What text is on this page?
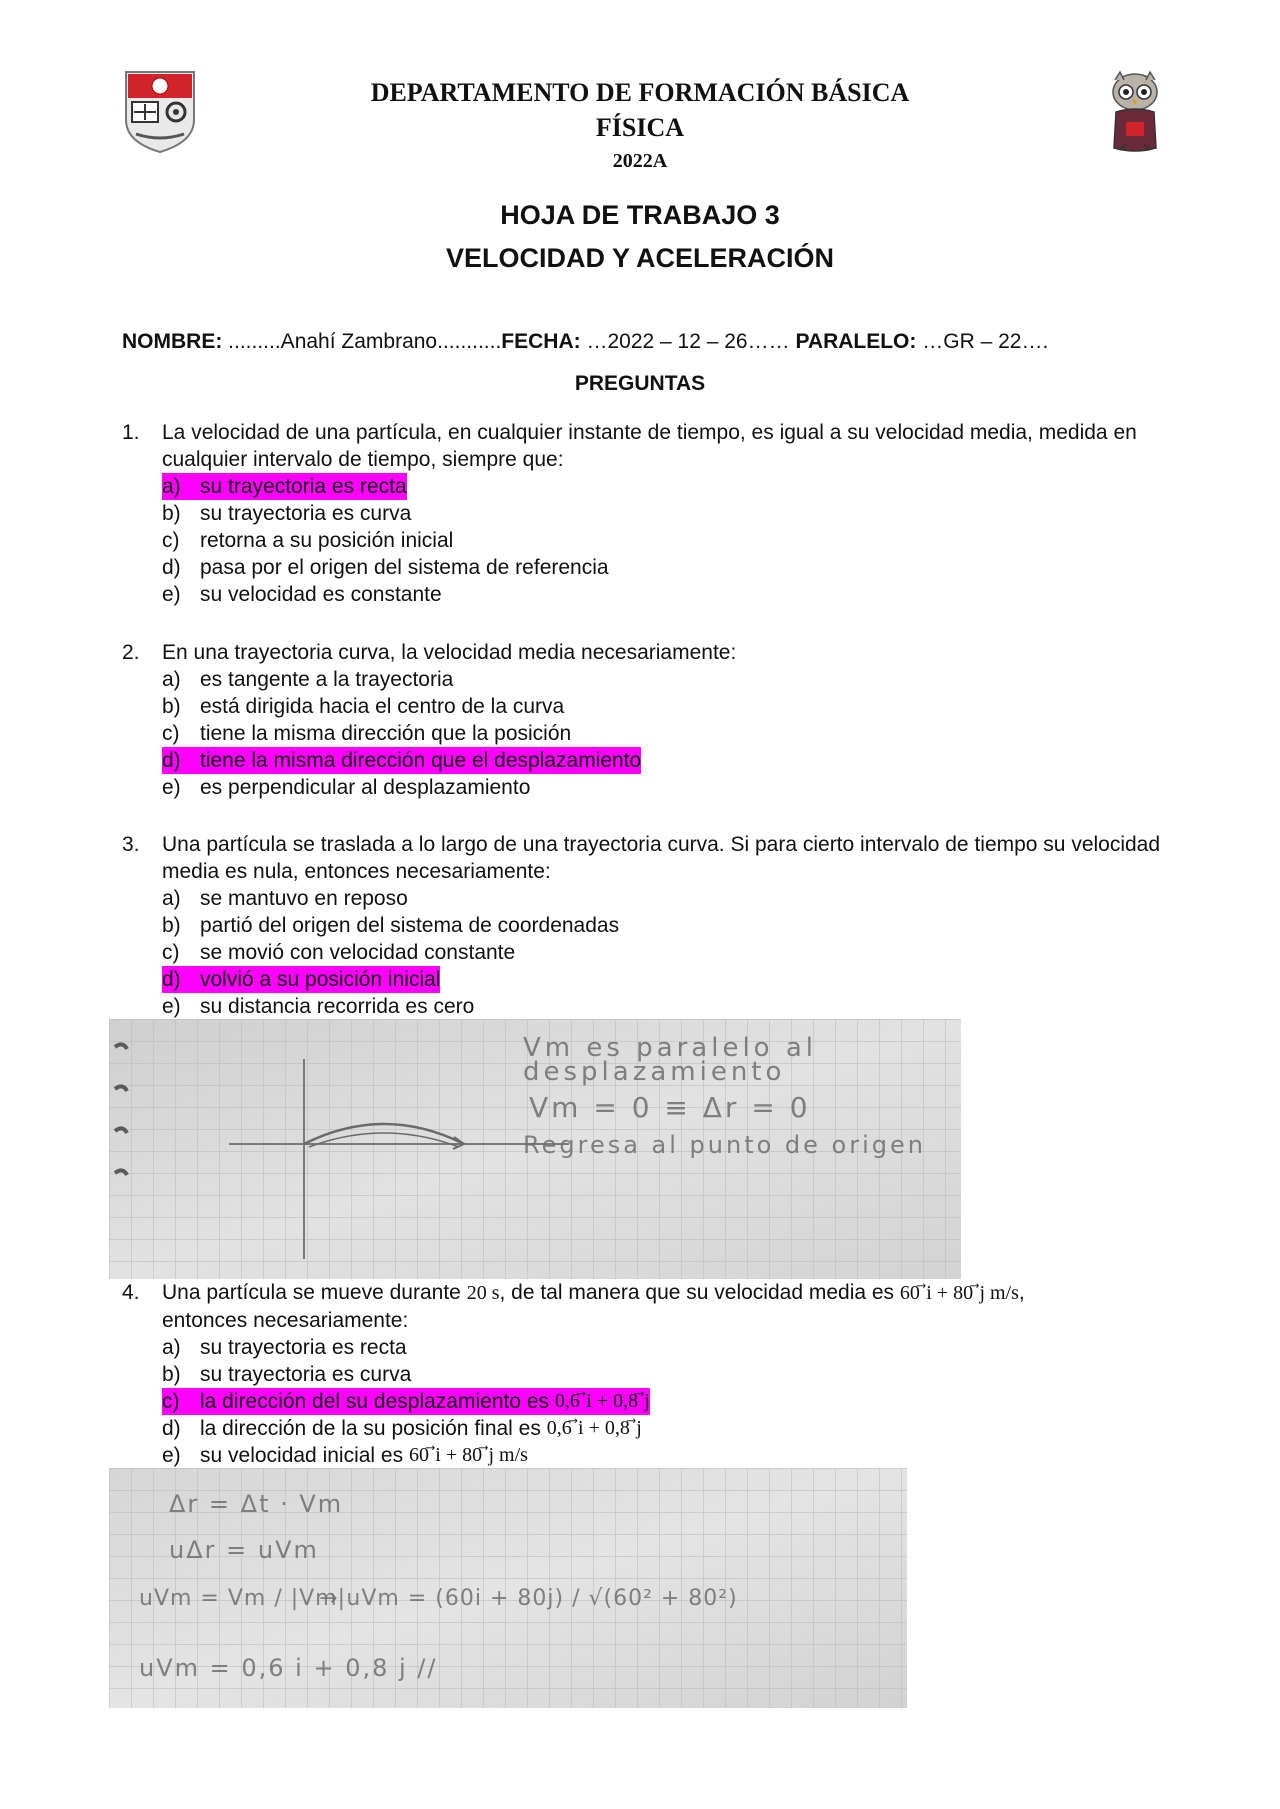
DEPARTAMENTO DE FORMACIÓN BÁSICA
FÍSICA
2022A
HOJA DE TRABAJO 3
VELOCIDAD Y ACELERACIÓN
NOMBRE: .........Anahí Zambrano...........FECHA: …2022 – 12 – 26…… PARALELO: …GR – 22….
PREGUNTAS
1.	La velocidad de una partícula, en cualquier instante de tiempo, es igual a su velocidad media, medida en cualquier intervalo de tiempo, siempre que:
a) su trayectoria es recta
b) su trayectoria es curva
c) retorna a su posición inicial
d) pasa por el origen del sistema de referencia
e) su velocidad es constante
2.	En una trayectoria curva, la velocidad media necesariamente:
a) es tangente a la trayectoria
b) está dirigida hacia el centro de la curva
c) tiene la misma dirección que la posición
d) tiene la misma dirección que el desplazamiento
e) es perpendicular al desplazamiento
3.	Una partícula se traslada a lo largo de una trayectoria curva. Si para cierto intervalo de tiempo su velocidad media es nula, entonces necesariamente:
a) se mantuvo en reposo
b) partió del origen del sistema de coordenadas
c) se movió con velocidad constante
d) volvió a su posición inicial
e) su distancia recorrida es cero
Vm es paralelo al
desplazamiento
Vm = 0 ≡ Δr = 0
Regresa al punto de origen
4.	Una partícula se mueve durante 20 s, de tal manera que su velocidad media es 60 ⃗i + 80 ⃗j m/s,
entonces necesariamente:
a) su trayectoria es recta
b) su trayectoria es curva
c) la dirección del su desplazamiento es 0,6 ⃗i + 0,8 ⃗j
d) la dirección de la su posición final es 0,6 ⃗i + 0,8 ⃗j
e) su velocidad inicial es 60 ⃗i + 80 ⃗j m/s
Δr = Δt · Vm
uΔr = uVm
uVm = Vm / |Vm|
→ uVm = (60i + 80j) / √(60² + 80²)
uVm = 0,6 i + 0,8 j //
